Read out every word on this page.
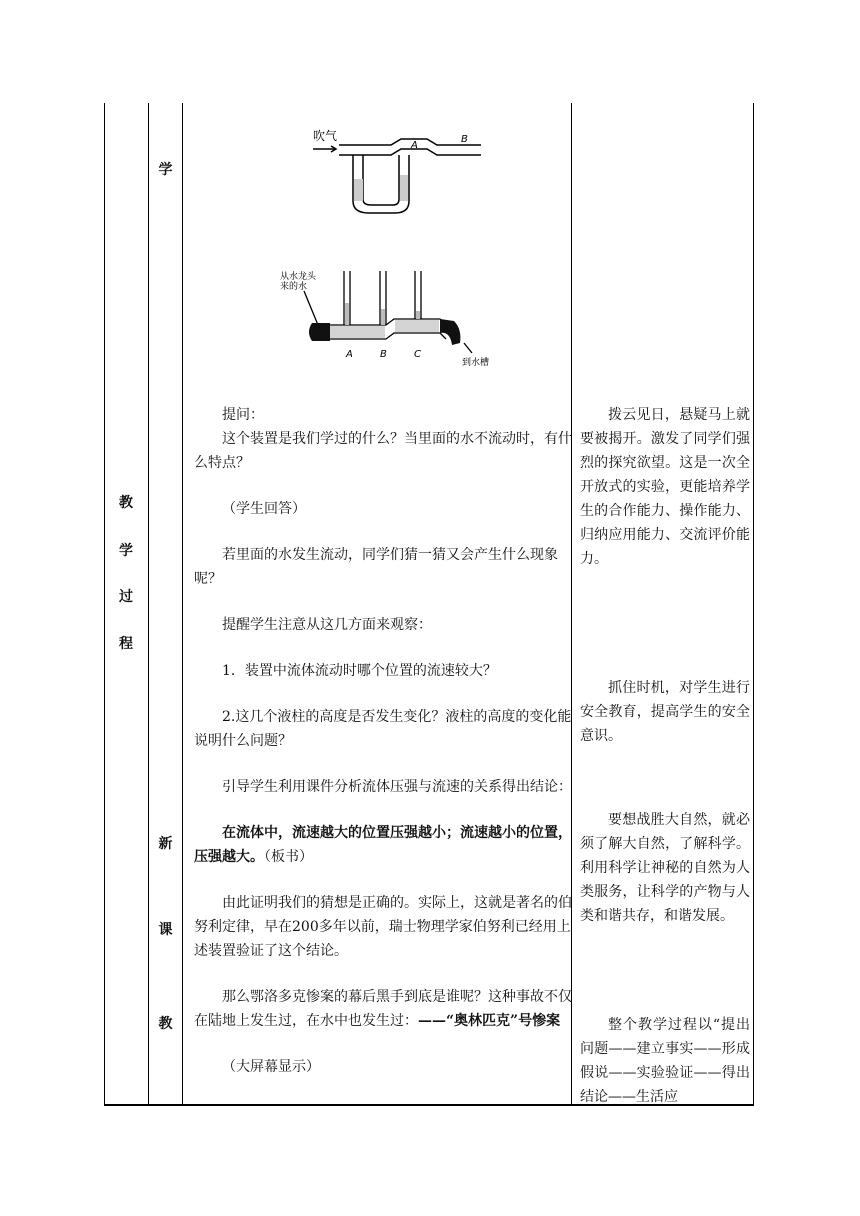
教
学
过
程
学
新
课
教
吹气
A
B
从水龙头来的水
A	B	C
到水槽

提问：

这个装置是我们学过的什么？当里面的水不流动时，有什么特点？

（学生回答）

若里面的水发生流动，同学们猜一猜又会产生什么现象呢？

提醒学生注意从这几方面来观察：

1．装置中流体流动时哪个位置的流速较大？

2.这几个液柱的高度是否发生变化？液柱的高度的变化能说明什么问题？

引导学生利用课件分析流体压强与流速的关系得出结论：

在流体中，流速越大的位置压强越小；流速越小的位置，压强越大。（板书）

由此证明我们的猜想是正确的。实际上，这就是著名的伯努利定律，早在200多年以前，瑞士物理学家伯努利已经用上述装置验证了这个结论。

那么鄂洛多克惨案的幕后黑手到底是谁呢？这种事故不仅在陆地上发生过，在水中也发生过：——“奥林匹克”号惨案

（大屏幕显示）

拨云见日，悬疑马上就要被揭开。激发了同学们强烈的探究欲望。这是一次全开放式的实验，更能培养学生的合作能力、操作能力、归纳应用能力、交流评价能力。

抓住时机，对学生进行安全教育，提高学生的安全意识。

要想战胜大自然，就必须了解大自然，了解科学。利用科学让神秘的自然为人类服务，让科学的产物与人类和谐共存，和谐发展。

整个教学过程以“提出问题——建立事实——形成假说——实验验证——得出结论——生活应
